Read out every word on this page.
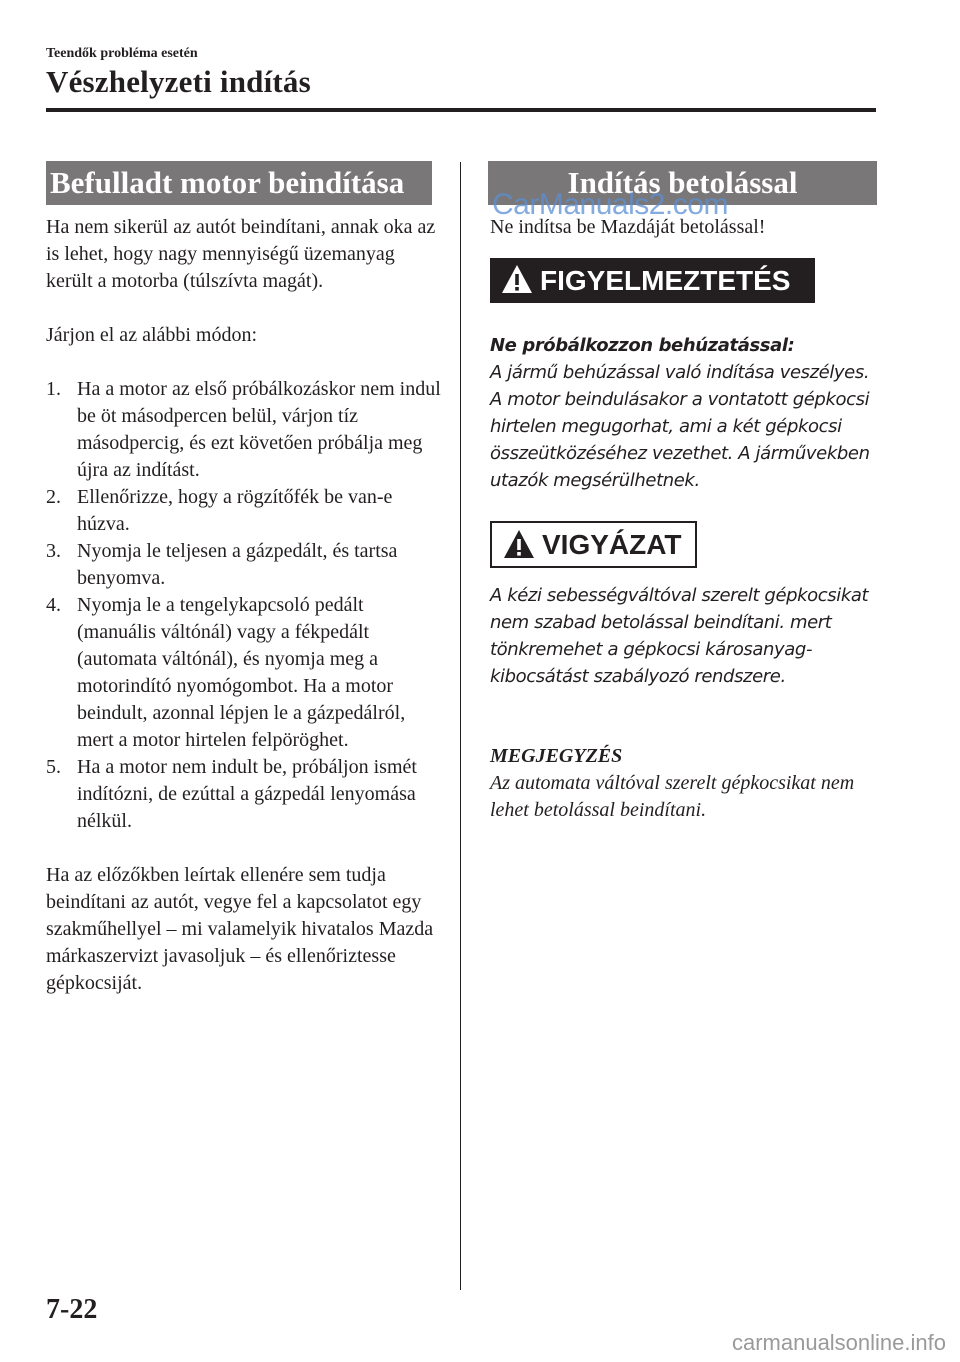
Teendők probléma esetén
Vészhelyzeti indítás
Befulladt motor beindítása	Indítás betolással
CarManuals2.com

Ha nem sikerül az autót beindítani, annak oka az is lehet, hogy nagy mennyiségű üzemanyag került a motorba (túlszívta magát).

Járjon el az alábbi módon:

1. Ha a motor az első próbálkozáskor nem indul be öt másodpercen belül, várjon tíz másodpercig, és ezt követően próbálja meg újra az indítást.
2. Ellenőrizze, hogy a rögzítőfék be van-e húzva.
3. Nyomja le teljesen a gázpedált, és tartsa benyomva.
4. Nyomja le a tengelykapcsoló pedált (manuális váltónál) vagy a fékpedált (automata váltónál), és nyomja meg a motorindító nyomógombot. Ha a motor beindult, azonnal lépjen le a gázpedálról, mert a motor hirtelen felpöröghet.
5. Ha a motor nem indult be, próbáljon ismét indítózni, de ezúttal a gázpedál lenyomása nélkül.

Ha az előzőkben leírtak ellenére sem tudja beindítani az autót, vegye fel a kapcsolatot egy szakműhellyel – mi valamelyik hivatalos Mazda márkaszervizt javasoljuk – és ellenőriztesse gépkocsiját.

Ne indítsa be Mazdáját betolással!

FIGYELMEZTETÉS
Ne próbálkozzon behúzatással:
A jármű behúzással való indítása veszélyes. A motor beindulásakor a vontatott gépkocsi hirtelen megugorhat, ami a két gépkocsi összeütközéséhez vezethet. A járművekben utazók megsérülhetnek.
VIGYÁZAT
A kézi sebességváltóval szerelt gépkocsikat nem szabad betolással beindítani. mert tönkremehet a gépkocsi károsanyag-kibocsátást szabályozó rendszere.
MEGJEGYZÉS
Az automata váltóval szerelt gépkocsikat nem lehet betolással beindítani.
7-22
carmanualsonline.info
